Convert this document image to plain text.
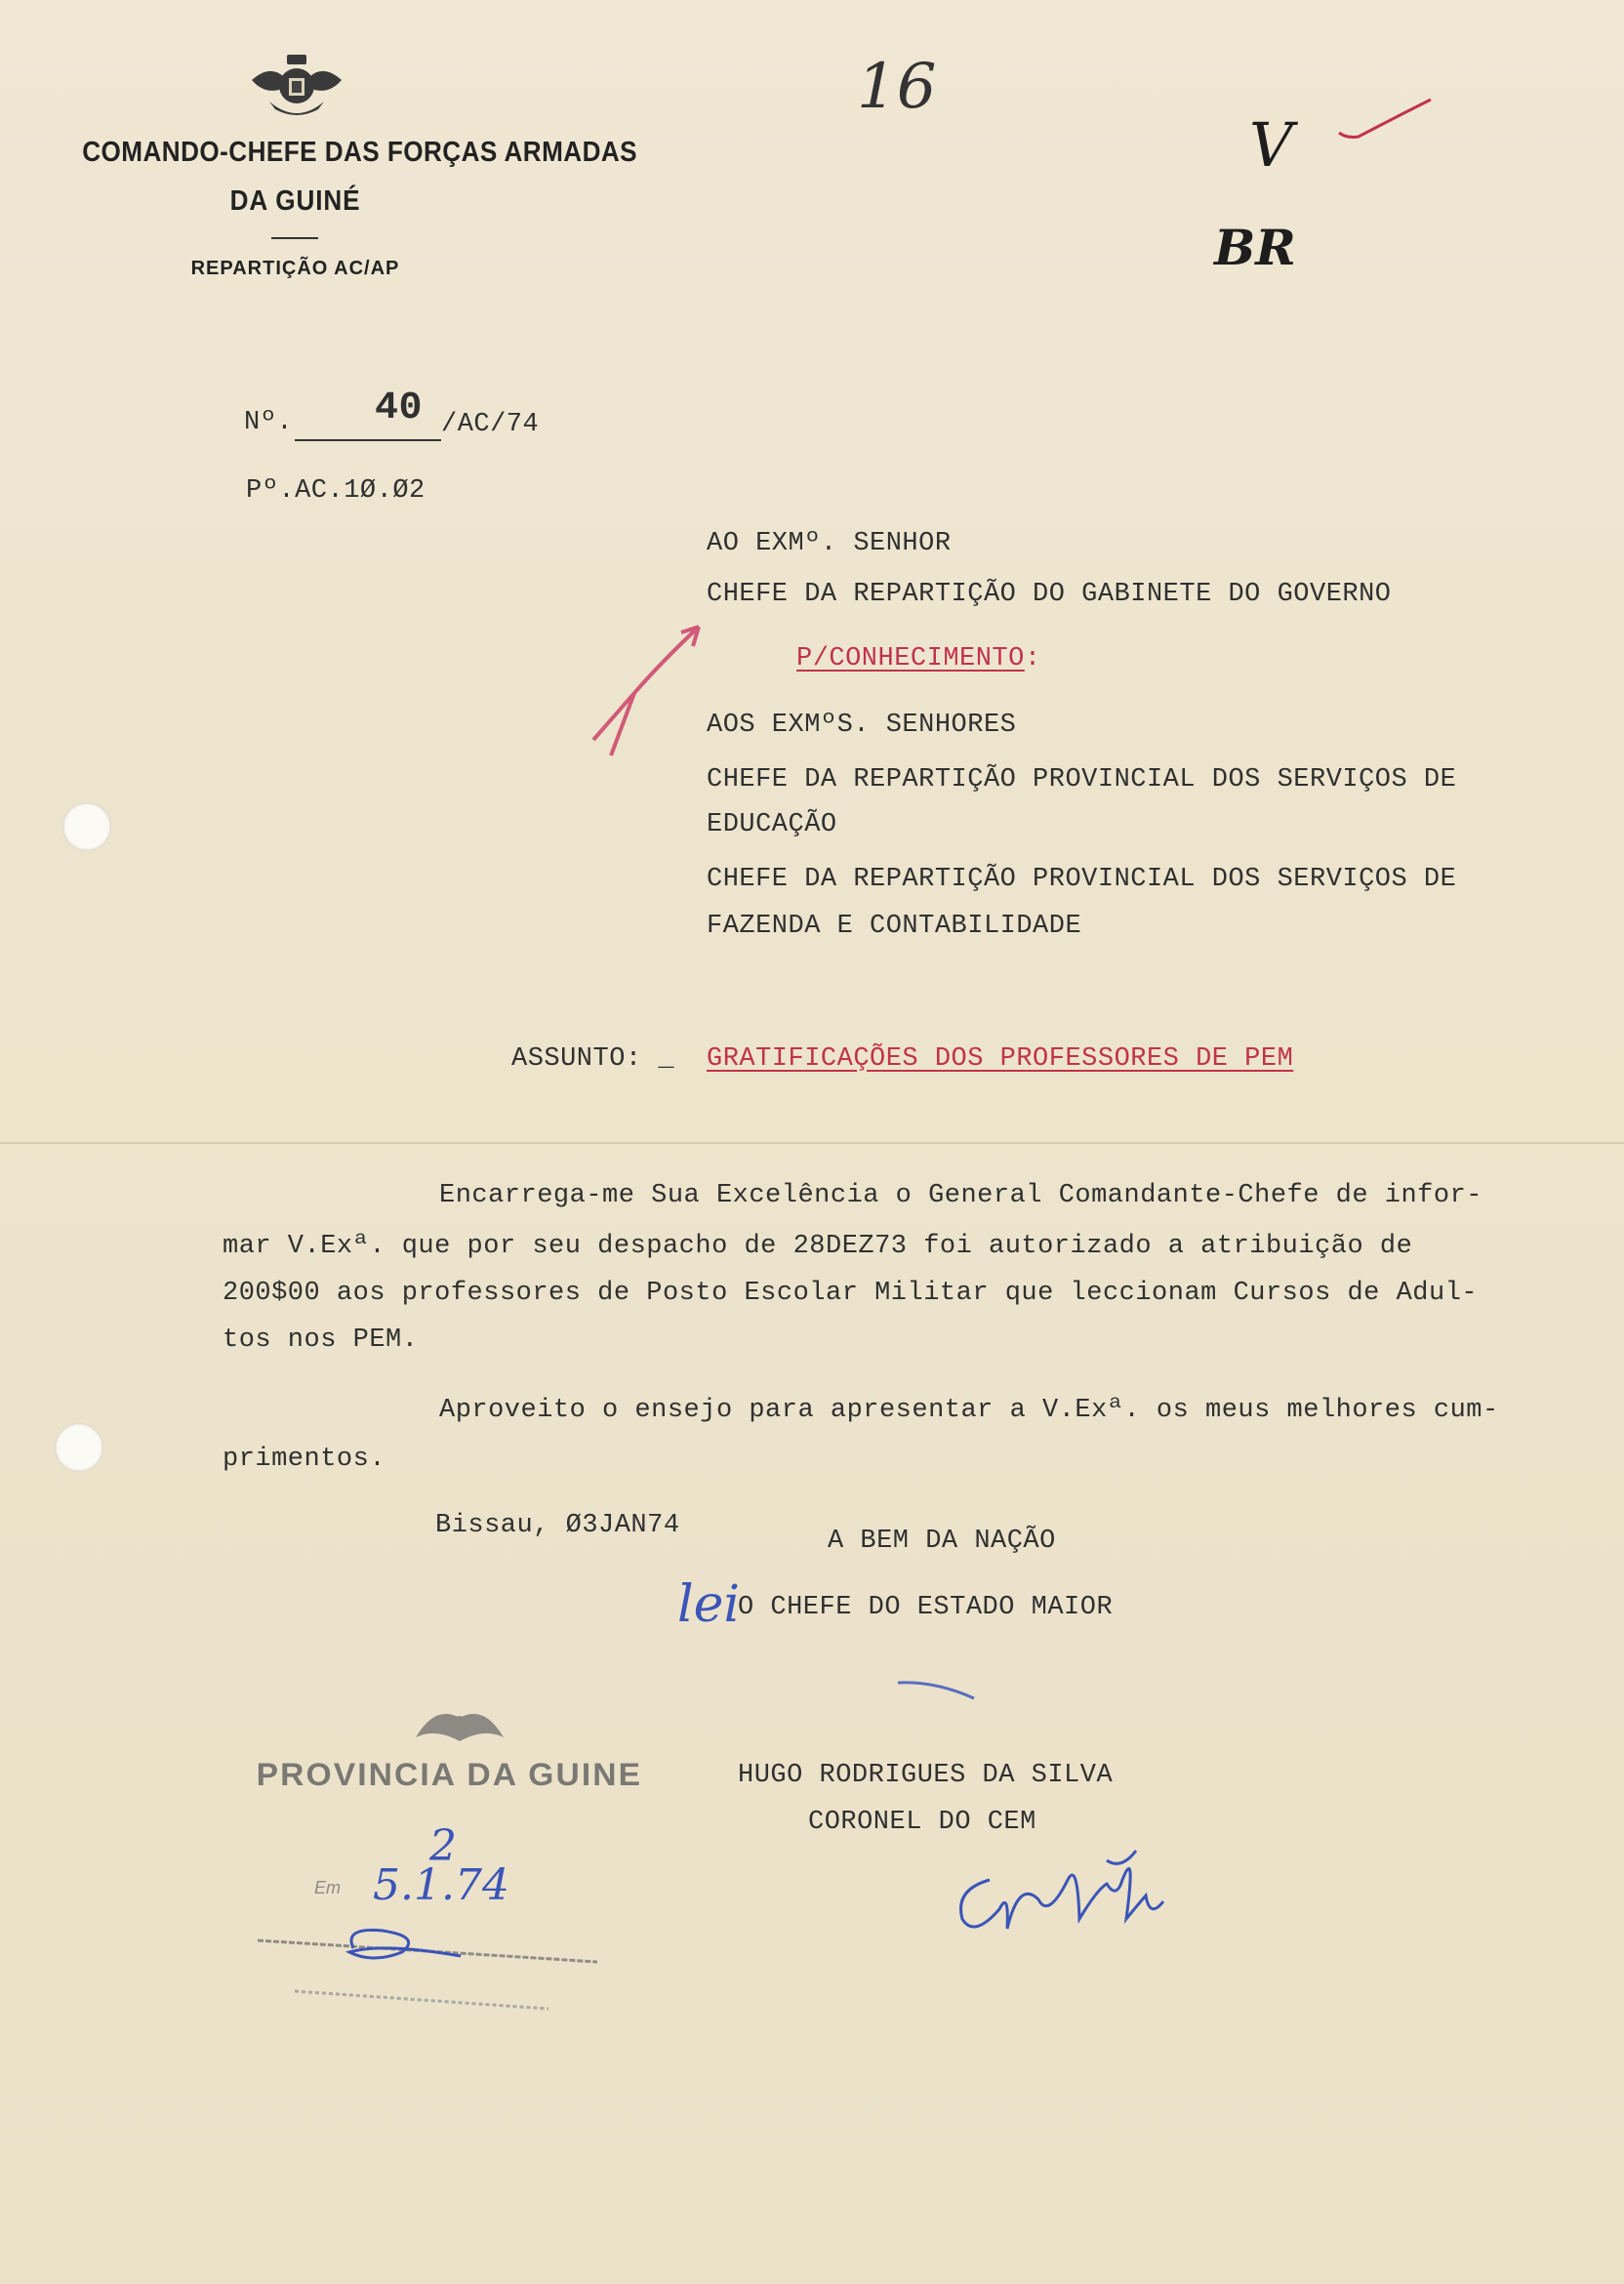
COMANDO-CHEFE DAS FORÇAS ARMADAS
DA GUINÉ
REPARTIÇÃO AC/AP
16
V
BR
Nº. 40 /AC/74
Pº.AC.1Ø.Ø2
AO EXMº. SENHOR
CHEFE DA REPARTIÇÃO DO GABINETE DO GOVERNO
P/CONHECIMENTO:
AOS EXMºS. SENHORES
CHEFE DA REPARTIÇÃO PROVINCIAL DOS SERVIÇOS DE
EDUCAÇÃO
CHEFE DA REPARTIÇÃO PROVINCIAL DOS SERVIÇOS DE
FAZENDA E CONTABILIDADE
ASSUNTO: _ GRATIFICAÇÕES DOS PROFESSORES DE PEM
Encarrega-me Sua Excelência o General Comandante-Chefe de infor-
mar V.Exª. que por seu despacho de 28DEZ73 foi autorizado a atribuição de
200$00 aos professores de Posto Escolar Militar que leccionam Cursos de Adul-
tos nos PEM.
Aproveito o ensejo para apresentar a V.Exª. os meus melhores cum-
primentos.
Bissau, Ø3JAN74
A BEM DA NAÇÃO
lei
O CHEFE DO ESTADO MAIOR
HUGO RODRIGUES DA SILVA
CORONEL DO CEM
PROVINCIA DA GUINE
2
Em 5.1.74
